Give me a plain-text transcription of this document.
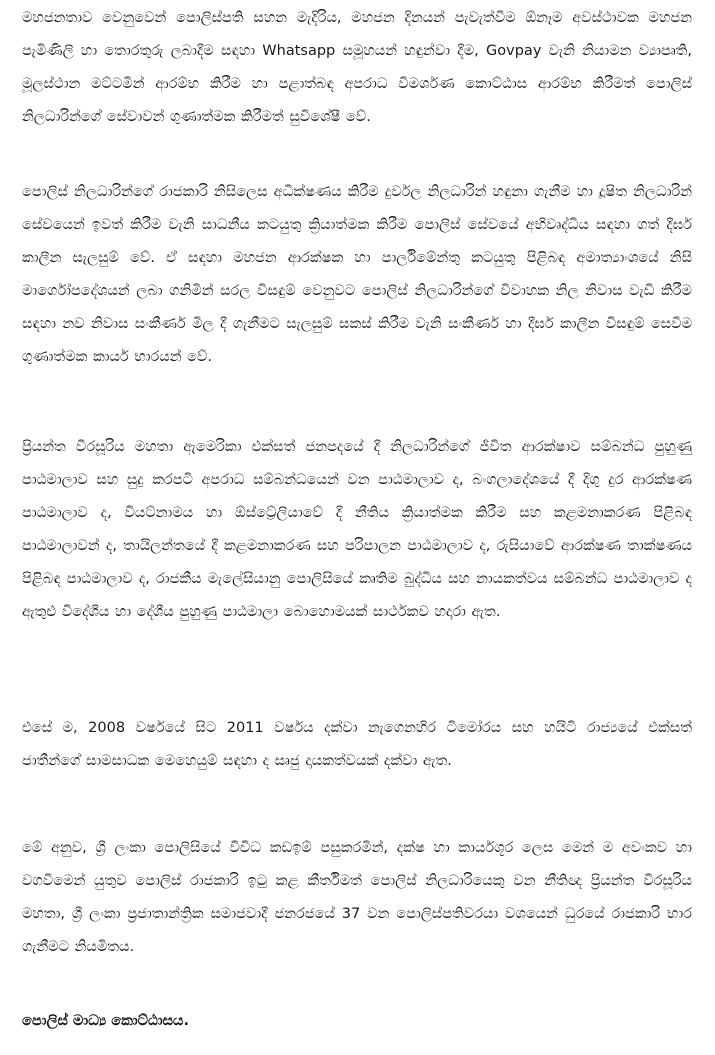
මහජනතාව වෙනුවෙන් පොලිස්පති සහන මැදිරිය, මහජන දිනයන් පැවැත්වීම ඕනෑම අවස්ථාවක මහජන පැමිණිලි හා තොරතුරු ලබාදීම සඳහා Whatsapp සමූහයන් හඳුන්වා දීම, Govpay වැනි නියාමන ව්‍යාපෘති, මූලස්ථාන මට්ටමින් ආරම්භ කිරීම හා පළාත්බඳ අපරාධ විමර්ශණ කොට්ඨාස ආරම්භ කිරීමත් පොලිස් නිලධාරින්ගේ සේවාවන් ගුණාත්මක කිරීමත් සුවිශේෂී වේ.

පොලිස් නිලධාරින්ගේ රාජකාරි නිසිලෙස අධීක්ෂණය කිරීම දුර්වල නිලධාරින් හඳුනා ගැනීම හා දූෂිත නිලධාරින් සේවයෙන් ඉවත් කිරීම වැනි සාධනීය කටයුතු ක්‍රියාත්මක කිරීම පොලිස් සේවයේ අභිවෘද්ධිය සඳහා ගත් දීර්ඝ කාලීන සැලසුම් වේ. ඒ සඳහා මහජන ආරක්ෂක හා පාර්ලිමේන්තු කටයුතු පිළිබඳ අමාත්‍යාංශයේ නිසි මාර්ගෝපදේශයන් ලබා ගනිමින් සරල විසඳුම් වෙනුවට පොලිස් නිලධාරින්ගේ විවාහක නිල නිවාස වැඩි කිරීම සඳහා නව නිවාස සංකීර්ණ මිල දී ගැනීමට සැලසුම් සකස් කිරීම වැනි සංකීර්ණ හා දීර්ඝ කාලීන විසඳුම් සෙවීම ගුණාත්මක කාර්ය භාරයන් වේ.

ප්‍රියන්ත වීරසූරිය මහතා ඇමෙරිකා එක්සත් ජනපදයේ දී නිලධාරින්ගේ ජීවිත ආරක්ෂාව සම්බන්ධ පුහුණු පාඨමාලාව සහ සුදු කරපටි අපරාධ සම්බන්ධයෙන් වන පාඨමාලාව ද, බංගලාදේශයේ දී දිගු දුර ආරක්ෂණ පාඨමාලාව ද, වියට්නාමය හා ඕස්ට්‍රේලියාවේ දී නීතිය ක්‍රියාත්මක කිරීම සහ කළමනාකරණ පිළිබඳ පාඨමාලාවන් ද, තායිලන්තයේ දී කළමනාකරණ සහ පරිපාලන පාඨමාලාව ද, රුසියාවේ ආරක්ෂණ තාක්ෂණය පිළිබඳ පාඨමාලාව ද, රාජකීය මැලේසියානු පොලිසියේ කෘතිම බුද්ධිය සහ නායකත්වය සම්බන්ධ පාඨමාලාව ද ඇතුළු විදේශීය හා දේශීය පුහුණු පාඨමාලා බොහොමයක් සාර්ථකව හදාරා ඇත.

එසේ ම, 2008 වර්ෂයේ සිට 2011 වර්ෂය දක්වා නැගෙනහිර ටිමෝරය සහ හයිටි රාජ්‍යයේ එක්සත් ජාතීන්ගේ සාමසාධක මෙහෙයුම් සඳහා ද සෘජු දායකත්වයක් දක්වා ඇත.

මේ අනුව, ශ්‍රී ලංකා පොලිසියේ විවිධ කඩඉම් පසුකරමින්, දක්ෂ හා කාර්යශූර ලෙස මෙන් ම අවංකව හා වගවීමෙන් යුතුව පොලිස් රාජකාරි ඉටු කළ කීර්තිමත් පොලිස් නිලධාරියෙකු වන නීතිඥ ප්‍රියන්ත වීරසූරිය මහතා, ශ්‍රී ලංකා ප්‍රජාතාන්ත්‍රික සමාජවාදී ජනරජයේ 37 වන පොලිස්පතිවරයා වශයෙන් ධුරයේ රාජකාරි භාර ගැනීමට නියමිතය.

පොලිස් මාධ්‍ය කොට්ඨාසය.
